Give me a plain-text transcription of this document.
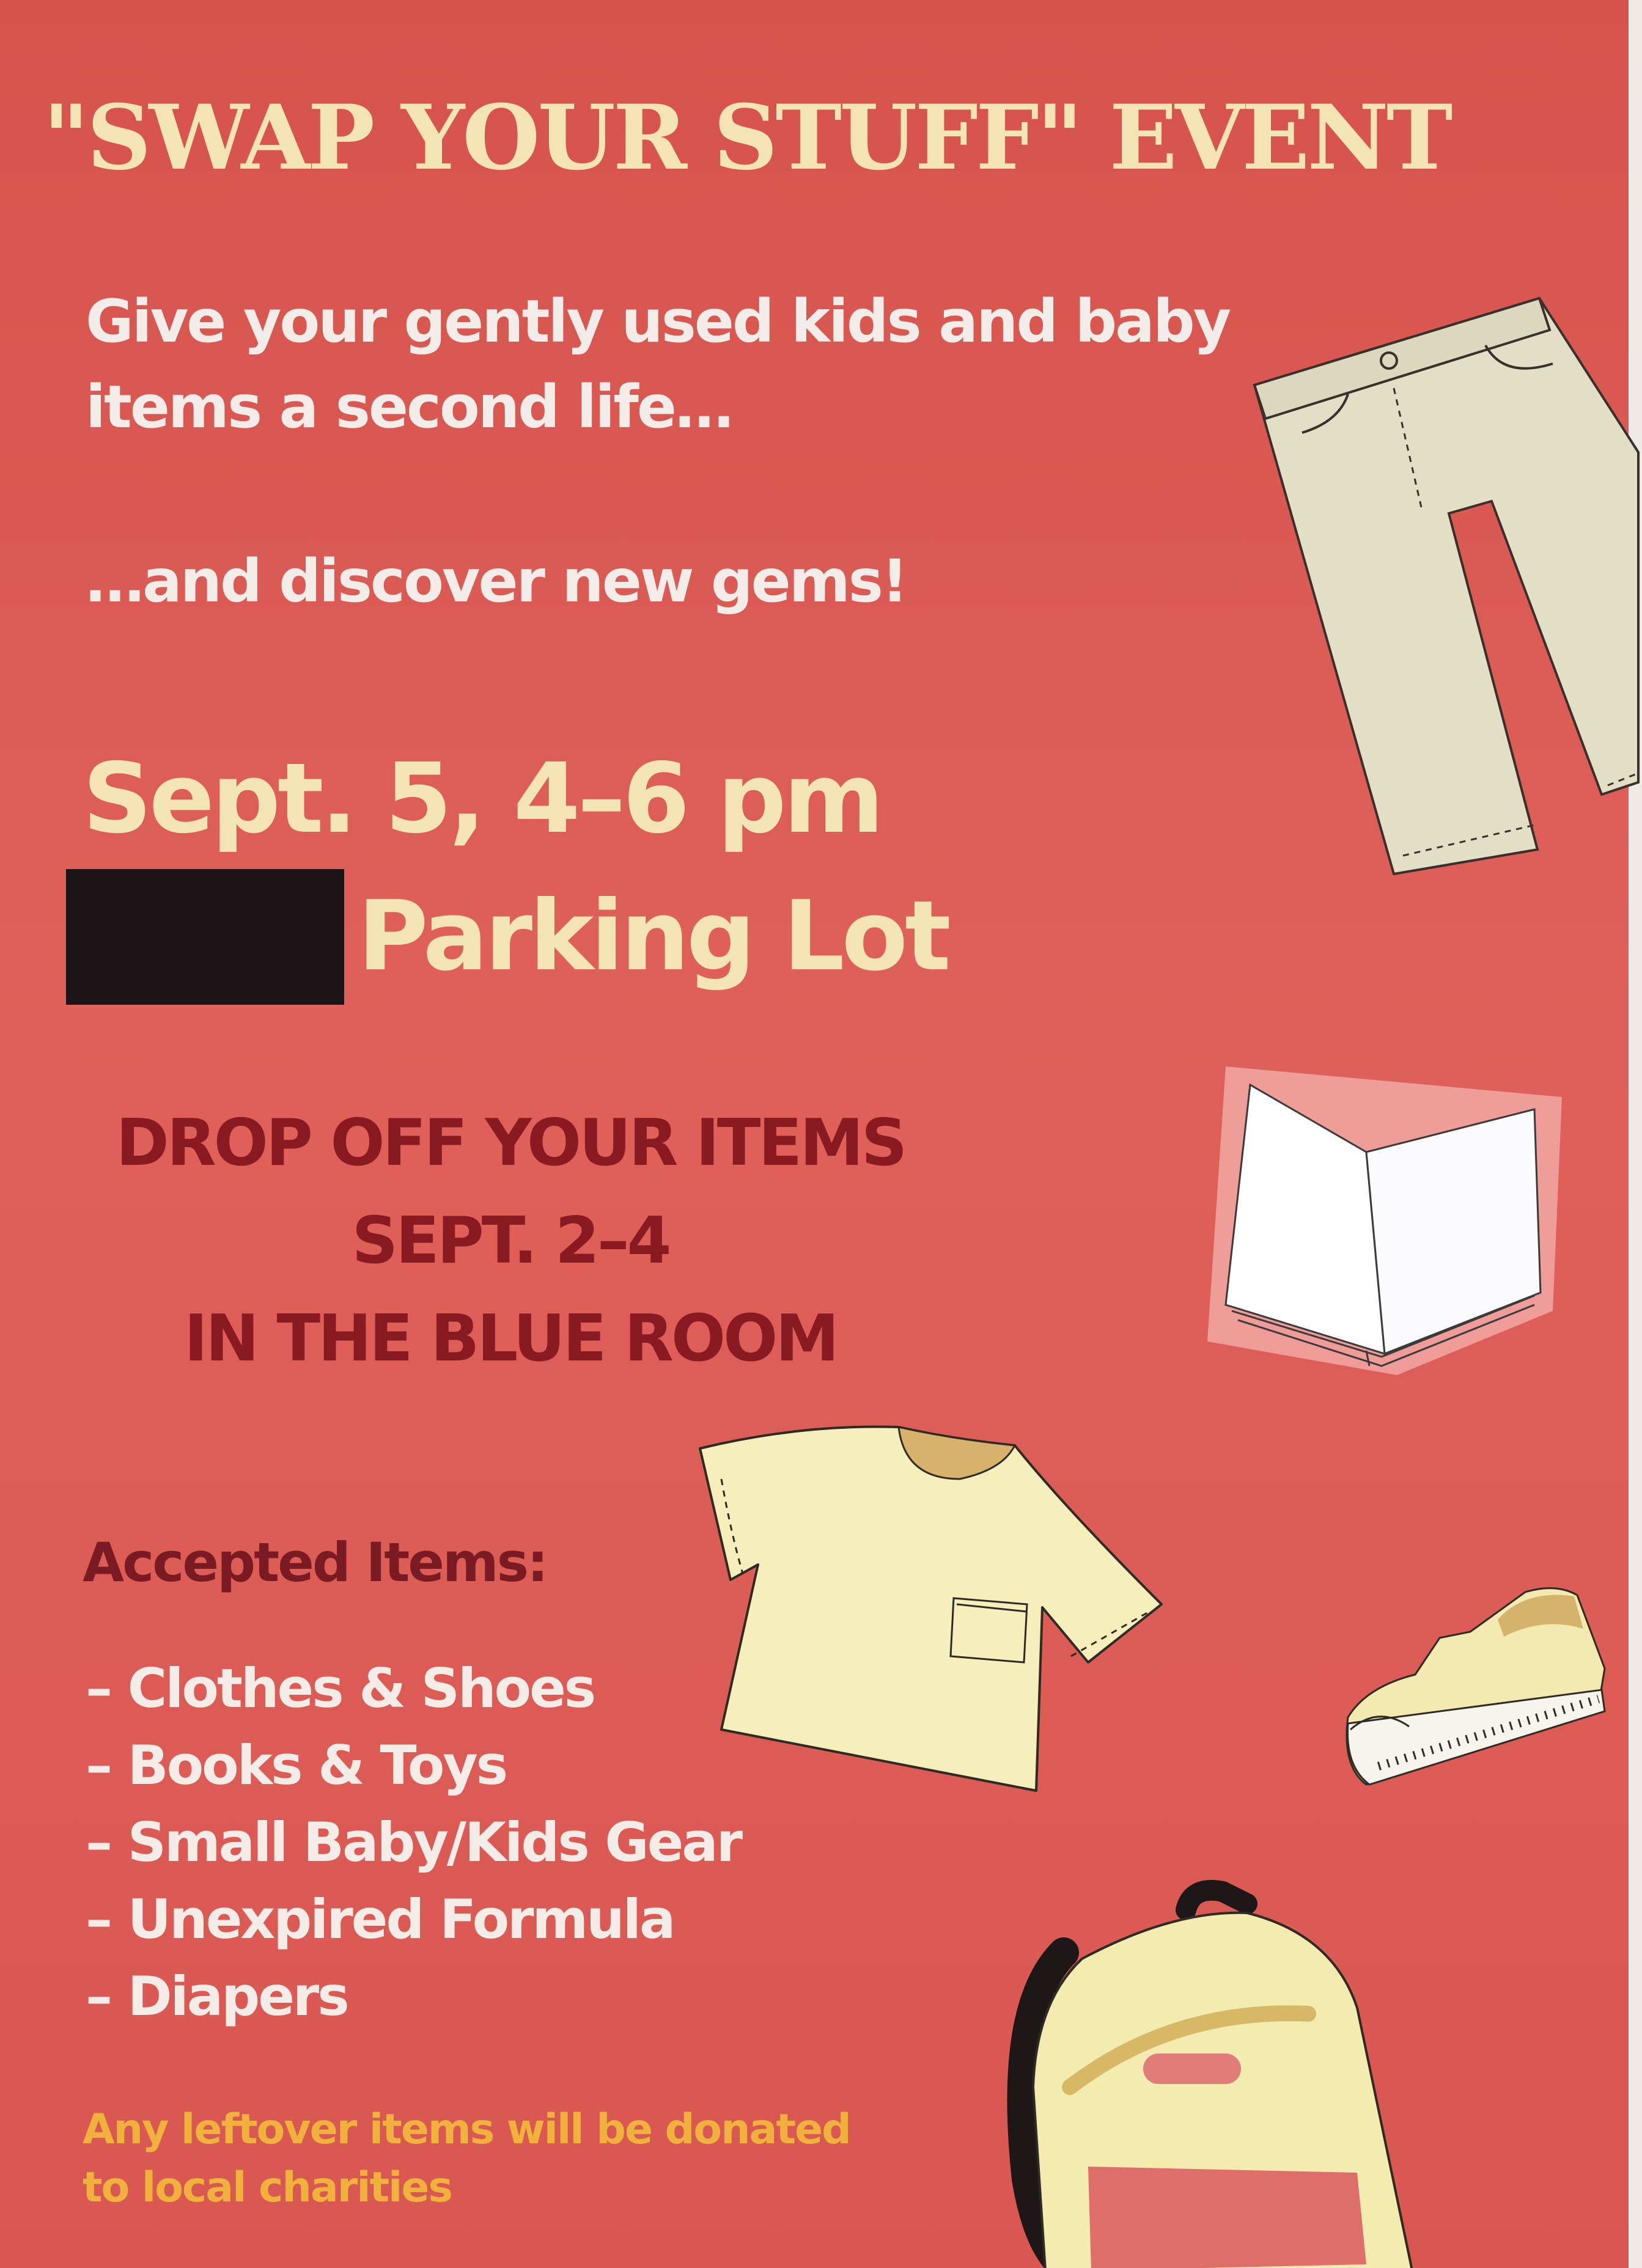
"SWAP YOUR STUFF" EVENT

Give your gently used kids and baby

items a second life…

…and discover new gems!

Sept. 5, 4–6 pm

Parking Lot

DROP OFF YOUR ITEMS
SEPT. 2–4
IN THE BLUE ROOM

Accepted Items:

– Clothes & Shoes
– Books & Toys
– Small Baby/Kids Gear
– Unexpired Formula
– Diapers

Any leftover items will be donated

to local charities
